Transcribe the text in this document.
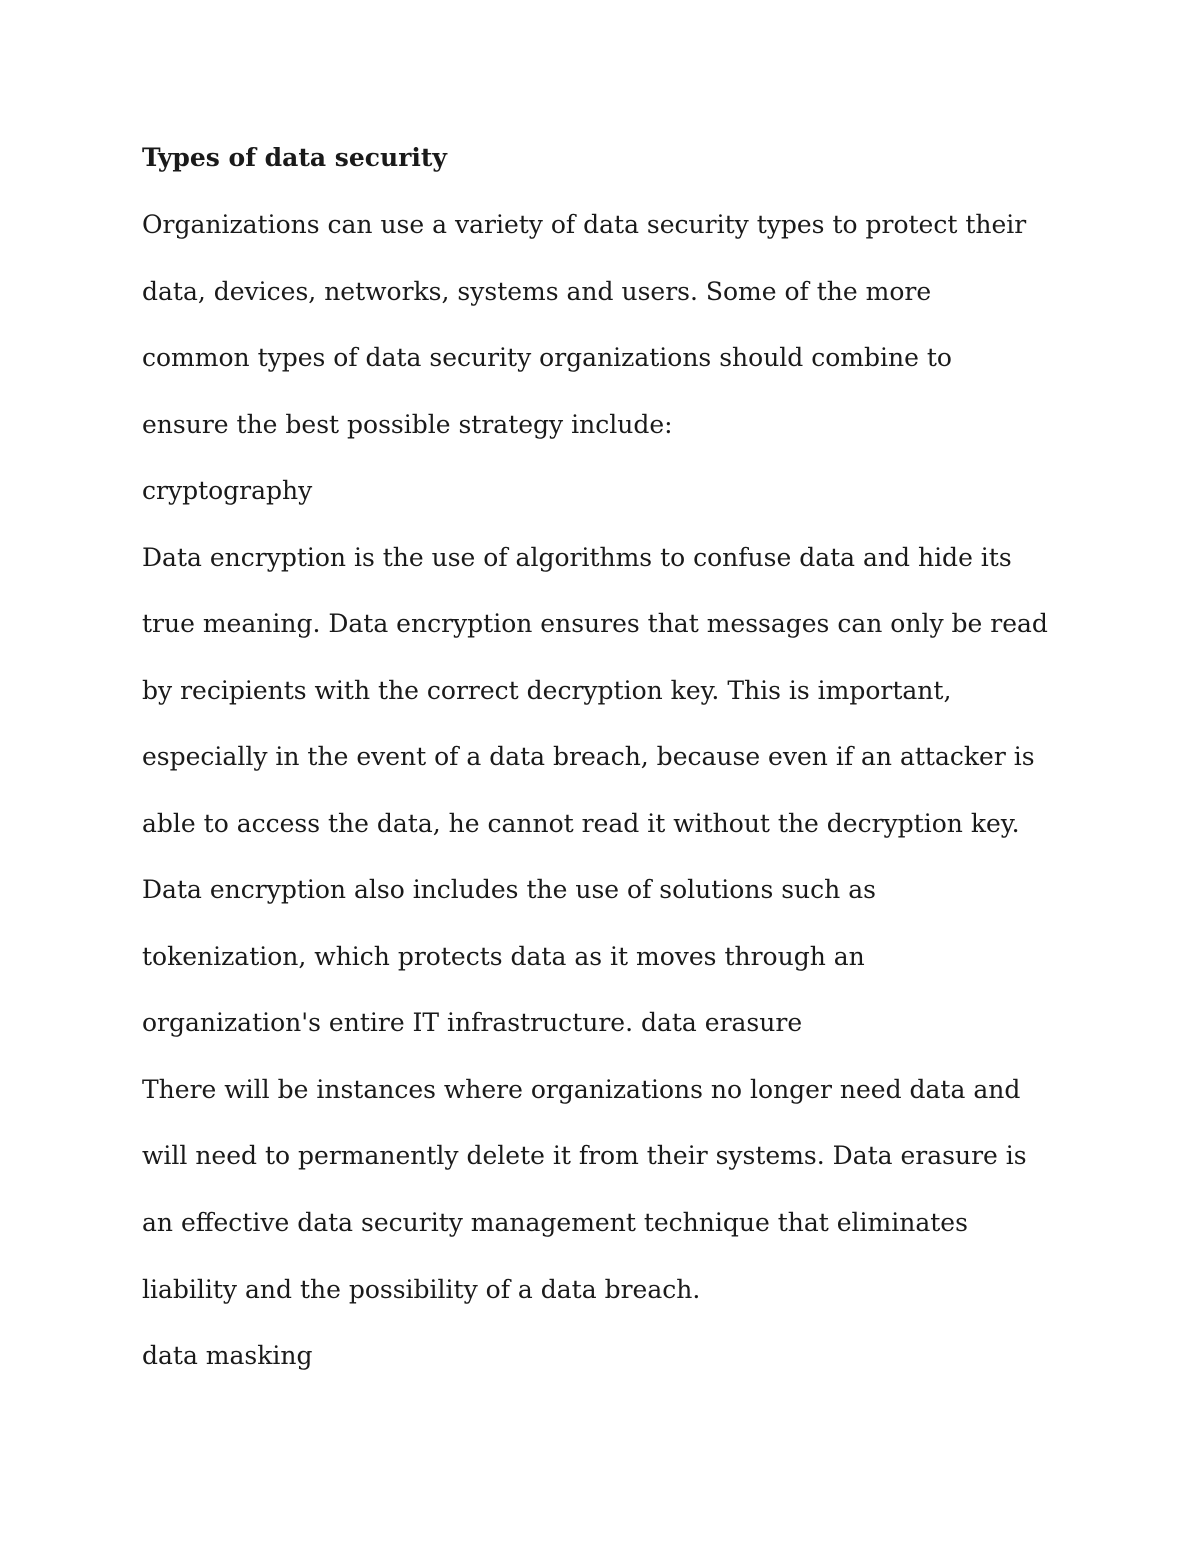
Types of data security

Organizations can use a variety of data security types to protect their

data, devices, networks, systems and users. Some of the more

common types of data security organizations should combine to

ensure the best possible strategy include:

cryptography

Data encryption is the use of algorithms to confuse data and hide its

true meaning. Data encryption ensures that messages can only be read

by recipients with the correct decryption key. This is important,

especially in the event of a data breach, because even if an attacker is

able to access the data, he cannot read it without the decryption key.

Data encryption also includes the use of solutions such as

tokenization, which protects data as it moves through an

organization's entire IT infrastructure. data erasure

There will be instances where organizations no longer need data and

will need to permanently delete it from their systems. Data erasure is

an effective data security management technique that eliminates

liability and the possibility of a data breach.

data masking
